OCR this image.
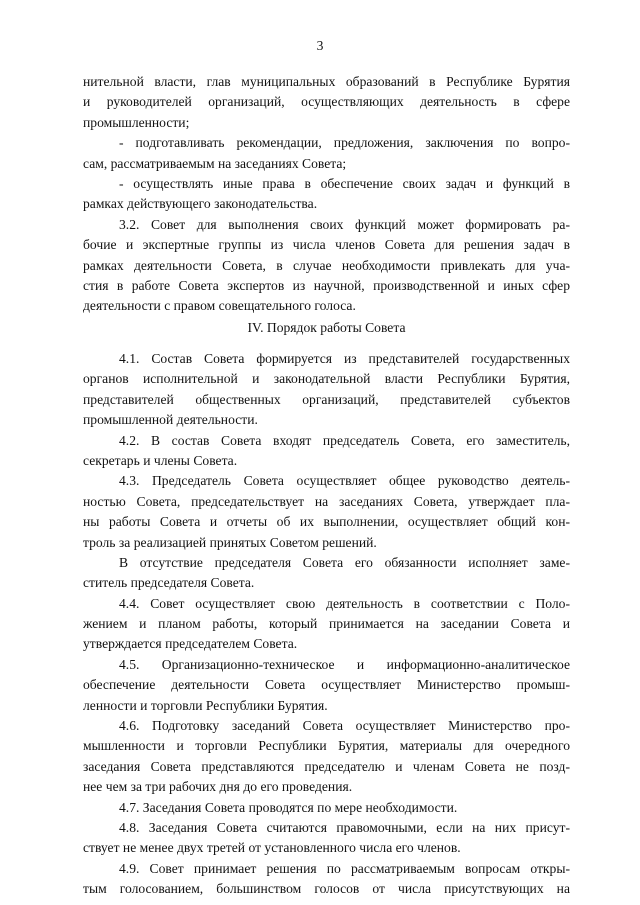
3
нительной власти, глав муниципальных образований в Республике Бурятия
и руководителей организаций, осуществляющих деятельность в сфере
промышленности;
- подготавливать рекомендации, предложения, заключения по вопро-
сам, рассматриваемым на заседаниях Совета;
- осуществлять иные права в обеспечение своих задач и функций в
рамках действующего законодательства.
3.2. Совет для выполнения своих функций может формировать ра-
бочие и экспертные группы из числа членов Совета для решения задач в
рамках деятельности Совета, в случае необходимости привлекать для уча-
стия в работе Совета экспертов из научной, производственной и иных сфер
деятельности с правом совещательного голоса.
IV. Порядок работы Совета
4.1. Состав Совета формируется из представителей государственных
органов исполнительной и законодательной власти Республики Бурятия,
представителей общественных организаций, представителей субъектов
промышленной деятельности.
4.2. В состав Совета входят председатель Совета, его заместитель,
секретарь и члены Совета.
4.3. Председатель Совета осуществляет общее руководство деятель-
ностью Совета, председательствует на заседаниях Совета, утверждает пла-
ны работы Совета и отчеты об их выполнении, осуществляет общий кон-
троль за реализацией принятых Советом решений.
В отсутствие председателя Совета его обязанности исполняет заме-
ститель председателя Совета.
4.4. Совет осуществляет свою деятельность в соответствии с Поло-
жением и планом работы, который принимается на заседании Совета и
утверждается председателем Совета.
4.5. Организационно-техническое и информационно-аналитическое
обеспечение деятельности Совета осуществляет Министерство промыш-
ленности и торговли Республики Бурятия.
4.6. Подготовку заседаний Совета осуществляет Министерство про-
мышленности и торговли Республики Бурятия, материалы для очередного
заседания Совета представляются председателю и членам Совета не позд-
нее чем за три рабочих дня до его проведения.
4.7. Заседания Совета проводятся по мере необходимости.
4.8. Заседания Совета считаются правомочными, если на них присут-
ствует не менее двух третей от установленного числа его членов.
4.9. Совет принимает решения по рассматриваемым вопросам откры-
тым голосованием, большинством голосов от числа присутствующих на
